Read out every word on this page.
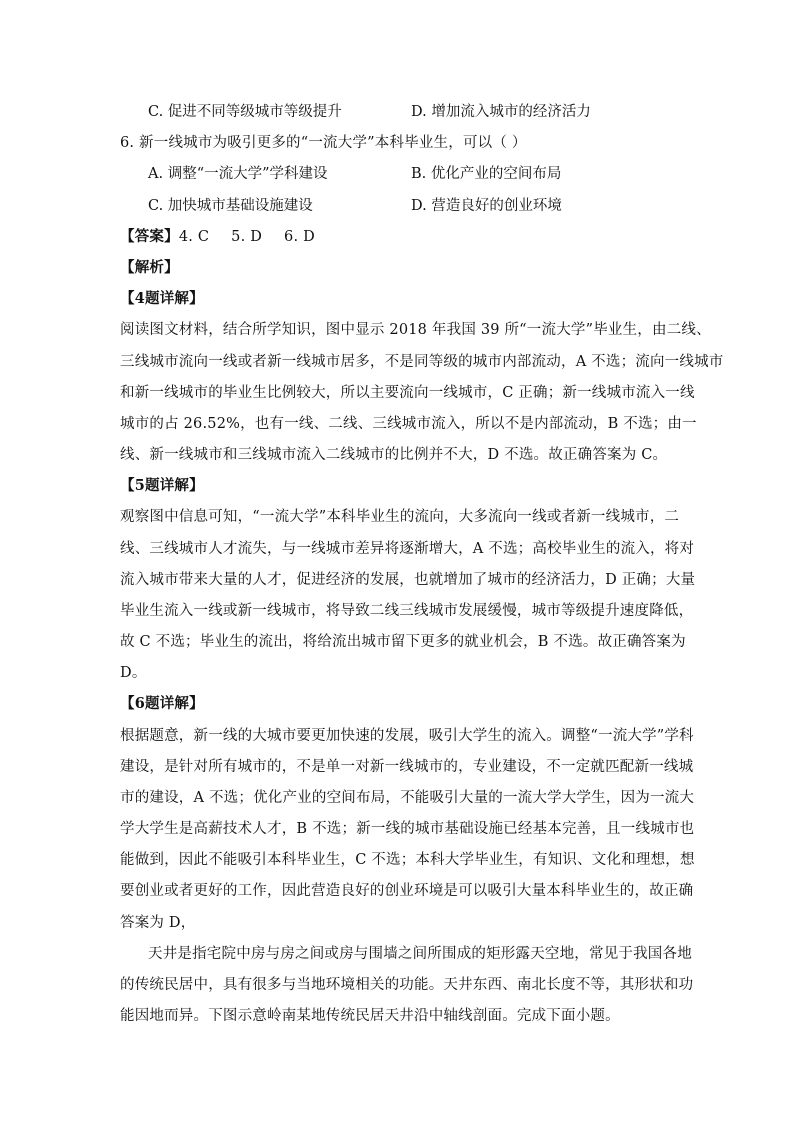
C. 促进不同等级城市等级提升	D. 增加流入城市的经济活力
6. 新一线城市为吸引更多的“一流大学”本科毕业生，可以（ ）
A. 调整“一流大学”学科建设	B. 优化产业的空间布局
C. 加快城市基础设施建设	D. 营造良好的创业环境
【答案】4. C 5. D 6. D
【解析】
【4题详解】
阅读图文材料，结合所学知识，图中显示 2018 年我国 39 所“一流大学”毕业生，由二线、
三线城市流向一线或者新一线城市居多，不是同等级的城市内部流动，A 不选；流向一线城市
和新一线城市的毕业生比例较大，所以主要流向一线城市，C 正确；新一线城市流入一线
城市的占 26.52%，也有一线、二线、三线城市流入，所以不是内部流动，B 不选；由一
线、新一线城市和三线城市流入二线城市的比例并不大，D 不选。故正确答案为 C。
【5题详解】
观察图中信息可知，“一流大学”本科毕业生的流向，大多流向一线或者新一线城市，二
线、三线城市人才流失，与一线城市差异将逐渐增大，A 不选；高校毕业生的流入，将对
流入城市带来大量的人才，促进经济的发展，也就增加了城市的经济活力，D 正确；大量
毕业生流入一线或新一线城市，将导致二线三线城市发展缓慢，城市等级提升速度降低，
故 C 不选；毕业生的流出，将给流出城市留下更多的就业机会，B 不选。故正确答案为
D。
【6题详解】
根据题意，新一线的大城市要更加快速的发展，吸引大学生的流入。调整“一流大学”学科
建设，是针对所有城市的，不是单一对新一线城市的，专业建设，不一定就匹配新一线城
市的建设，A 不选；优化产业的空间布局，不能吸引大量的一流大学大学生，因为一流大
学大学生是高薪技术人才，B 不选；新一线的城市基础设施已经基本完善，且一线城市也
能做到，因此不能吸引本科毕业生，C 不选；本科大学毕业生，有知识、文化和理想，想
要创业或者更好的工作，因此营造良好的创业环境是可以吸引大量本科毕业生的，故正确
答案为 D，
天井是指宅院中房与房之间或房与围墙之间所围成的矩形露天空地，常见于我国各地
的传统民居中，具有很多与当地环境相关的功能。天井东西、南北长度不等，其形状和功
能因地而异。下图示意岭南某地传统民居天井沿中轴线剖面。完成下面小题。
